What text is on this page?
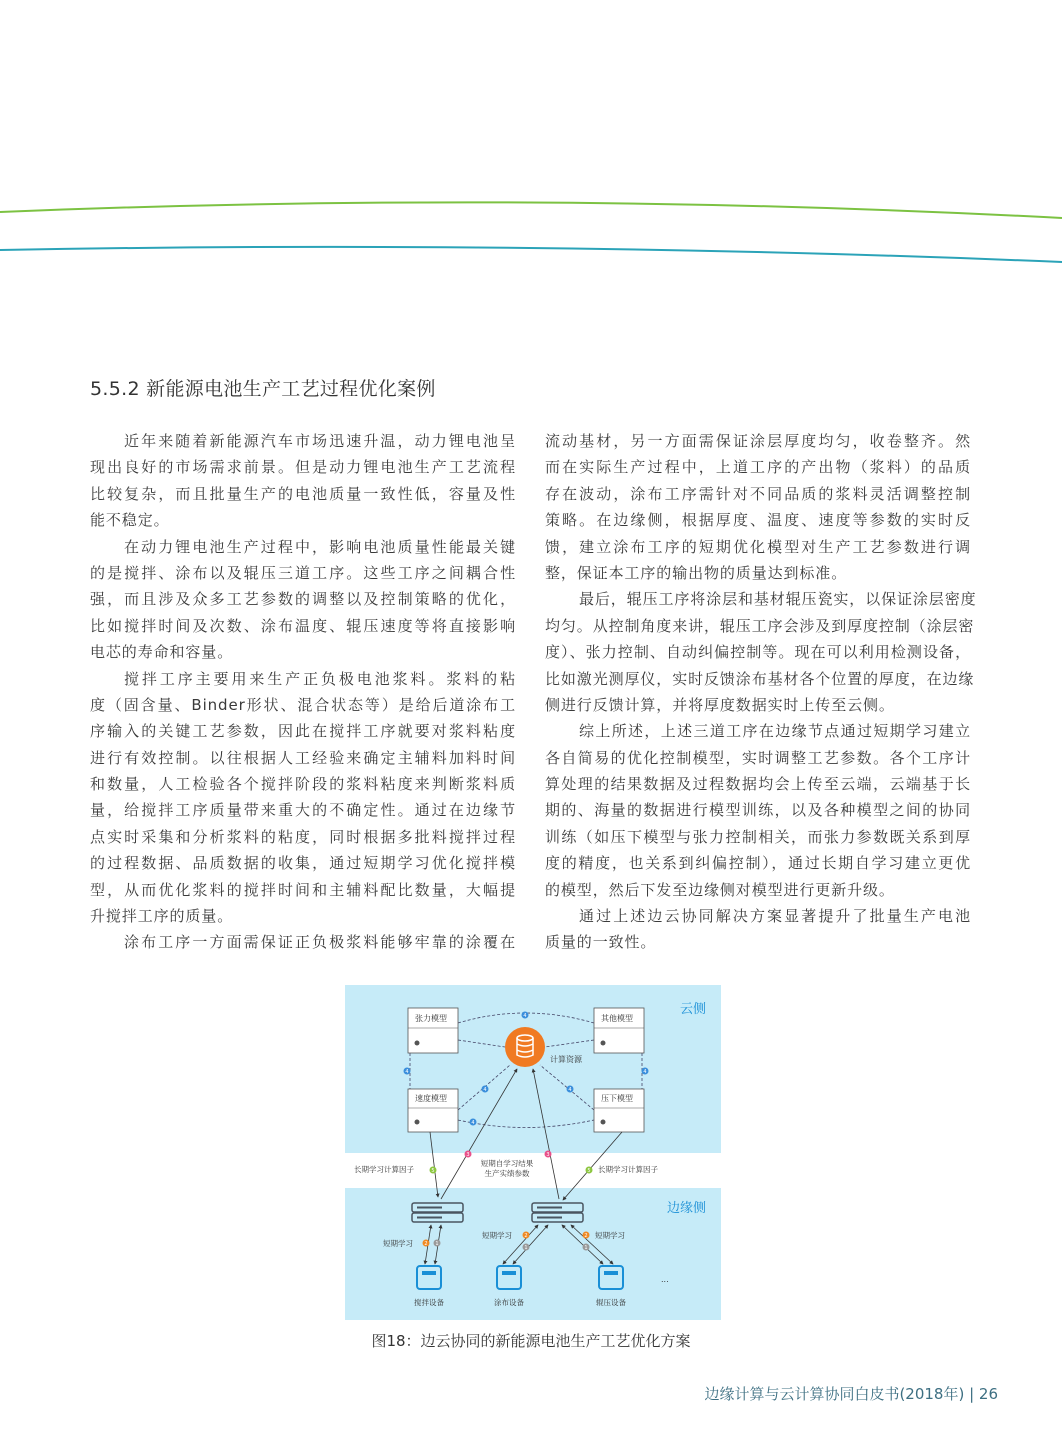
5.5.2 新能源电池生产工艺过程优化案例
近年来随着新能源汽车市场迅速升温，动力锂电池呈
现出良好的市场需求前景。但是动力锂电池生产工艺流程
比较复杂，而且批量生产的电池质量一致性低，容量及性
能不稳定。
在动力锂电池生产过程中，影响电池质量性能最关键
的是搅拌、涂布以及辊压三道工序。这些工序之间耦合性
强，而且涉及众多工艺参数的调整以及控制策略的优化，
比如搅拌时间及次数、涂布温度、辊压速度等将直接影响
电芯的寿命和容量。
搅拌工序主要用来生产正负极电池浆料。浆料的粘
度（固含量、Binder形状、混合状态等）是给后道涂布工
序输入的关键工艺参数，因此在搅拌工序就要对浆料粘度
进行有效控制。以往根据人工经验来确定主辅料加料时间
和数量，人工检验各个搅拌阶段的浆料粘度来判断浆料质
量，给搅拌工序质量带来重大的不确定性。通过在边缘节
点实时采集和分析浆料的粘度，同时根据多批料搅拌过程
的过程数据、品质数据的收集，通过短期学习优化搅拌模
型，从而优化浆料的搅拌时间和主辅料配比数量，大幅提
升搅拌工序的质量。
涂布工序一方面需保证正负极浆料能够牢靠的涂覆在
流动基材，另一方面需保证涂层厚度均匀，收卷整齐。然
而在实际生产过程中，上道工序的产出物（浆料）的品质
存在波动，涂布工序需针对不同品质的浆料灵活调整控制
策略。在边缘侧，根据厚度、温度、速度等参数的实时反
馈，建立涂布工序的短期优化模型对生产工艺参数进行调
整，保证本工序的输出物的质量达到标准。
最后，辊压工序将涂层和基材辊压瓷实，以保证涂层密度
均匀。从控制角度来讲，辊压工序会涉及到厚度控制（涂层密
度）、张力控制、自动纠偏控制等。现在可以利用检测设备，
比如激光测厚仪，实时反馈涂布基材各个位置的厚度，在边缘
侧进行反馈计算，并将厚度数据实时上传至云侧。
综上所述，上述三道工序在边缘节点通过短期学习建立
各自简易的优化控制模型，实时调整工艺参数。各个工序计
算处理的结果数据及过程数据均会上传至云端，云端基于长
期的、海量的数据进行模型训练，以及各种模型之间的协同
训练（如压下模型与张力控制相关，而张力参数既关系到厚
度的精度，也关系到纠偏控制），通过长期自学习建立更优
的模型，然后下发至边缘侧对模型进行更新升级。
通过上述边云协同解决方案显著提升了批量生产电池
质量的一致性。
云侧
边缘侧
张力模型	其他模型
速度模型	压下模型
计算资源
4
4	4
4	4
4
3	3
5	5
2 1
2
1
2
1
长期学习计算因子
短期自学习结果
生产实绩参数	长期学习计算因子
短期学习
短期学习	短期学习
搅拌设备	涂布设备	辊压设备
...
图18：边云协同的新能源电池生产工艺优化方案
边缘计算与云计算协同白皮书(2018年) | 26
